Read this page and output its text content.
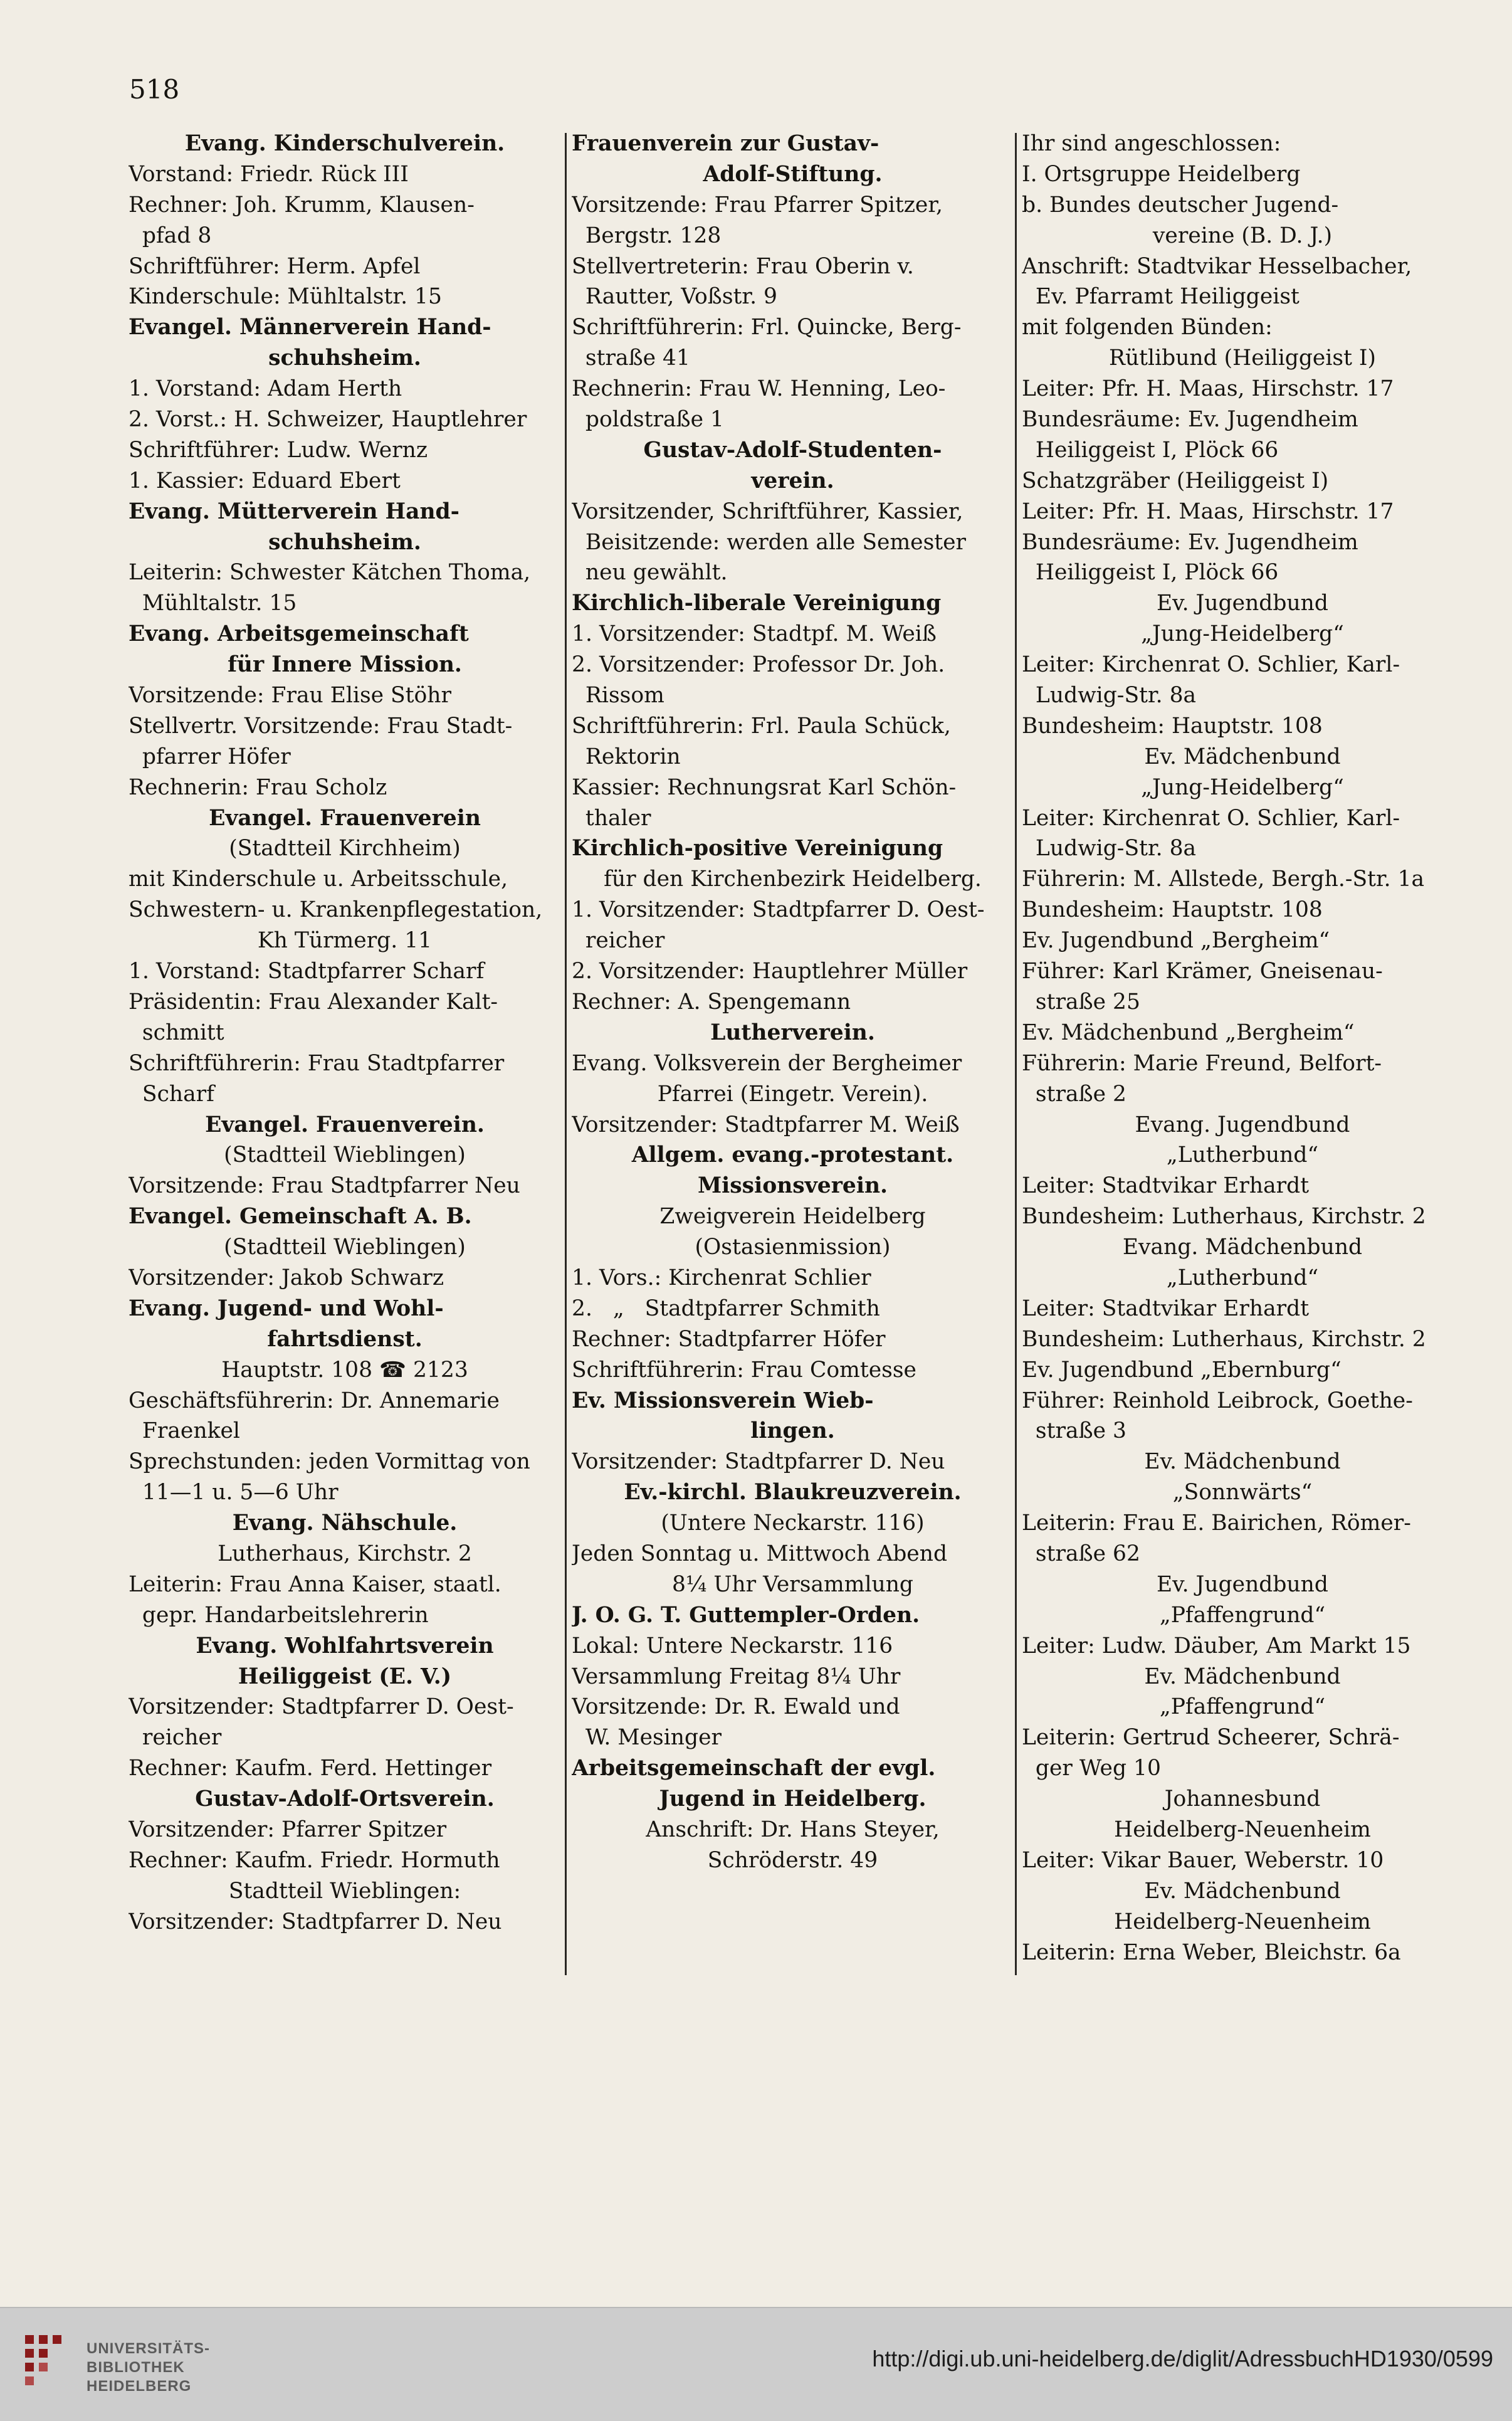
518
Evang. Kinderschulverein.
Vorstand: Friedr. Rück III
Rechner: Joh. Krumm, Klausen-
pfad 8
Schriftführer: Herm. Apfel
Kinderschule: Mühltalstr. 15
Evangel. Männerverein Hand-
schuhsheim.
1. Vorstand: Adam Herth
2. Vorst.: H. Schweizer, Hauptlehrer
Schriftführer: Ludw. Wernz
1. Kassier: Eduard Ebert
Evang. Mütterverein Hand-
schuhsheim.
Leiterin: Schwester Kätchen Thoma,
Mühltalstr. 15
Evang. Arbeitsgemeinschaft
für Innere Mission.
Vorsitzende: Frau Elise Stöhr
Stellvertr. Vorsitzende: Frau Stadt-
pfarrer Höfer
Rechnerin: Frau Scholz
Evangel. Frauenverein
(Stadtteil Kirchheim)
mit Kinderschule u. Arbeitsschule,
Schwestern- u. Krankenpflegestation,
Kh Türmerg. 11
1. Vorstand: Stadtpfarrer Scharf
Präsidentin: Frau Alexander Kalt-
schmitt
Schriftführerin: Frau Stadtpfarrer
Scharf
Evangel. Frauenverein.
(Stadtteil Wieblingen)
Vorsitzende: Frau Stadtpfarrer Neu
Evangel. Gemeinschaft A. B.
(Stadtteil Wieblingen)
Vorsitzender: Jakob Schwarz
Evang. Jugend- und Wohl-
fahrtsdienst.
Hauptstr. 108 ☎ 2123
Geschäftsführerin: Dr. Annemarie
Fraenkel
Sprechstunden: jeden Vormittag von
11—1 u. 5—6 Uhr
Evang. Nähschule.
Lutherhaus, Kirchstr. 2
Leiterin: Frau Anna Kaiser, staatl.
gepr. Handarbeitslehrerin
Evang. Wohlfahrtsverein
Heiliggeist (E. V.)
Vorsitzender: Stadtpfarrer D. Oest-
reicher
Rechner: Kaufm. Ferd. Hettinger
Gustav-Adolf-Ortsverein.
Vorsitzender: Pfarrer Spitzer
Rechner: Kaufm. Friedr. Hormuth
Stadtteil Wieblingen:
Vorsitzender: Stadtpfarrer D. Neu
Frauenverein zur Gustav-
Adolf-Stiftung.
Vorsitzende: Frau Pfarrer Spitzer,
Bergstr. 128
Stellvertreterin: Frau Oberin v.
Rautter, Voßstr. 9
Schriftführerin: Frl. Quincke, Berg-
straße 41
Rechnerin: Frau W. Henning, Leo-
poldstraße 1
Gustav-Adolf-Studenten-
verein.
Vorsitzender, Schriftführer, Kassier,
Beisitzende: werden alle Semester
neu gewählt.
Kirchlich-liberale Vereinigung
1. Vorsitzender: Stadtpf. M. Weiß
2. Vorsitzender: Professor Dr. Joh.
Rissom
Schriftführerin: Frl. Paula Schück,
Rektorin
Kassier: Rechnungsrat Karl Schön-
thaler
Kirchlich-positive Vereinigung
für den Kirchenbezirk Heidelberg.
1. Vorsitzender: Stadtpfarrer D. Oest-
reicher
2. Vorsitzender: Hauptlehrer Müller
Rechner: A. Spengemann
Lutherverein.
Evang. Volksverein der Bergheimer
Pfarrei (Eingetr. Verein).
Vorsitzender: Stadtpfarrer M. Weiß
Allgem. evang.-protestant.
Missionsverein.
Zweigverein Heidelberg
(Ostasienmission)
1. Vors.: Kirchenrat Schlier
2.   „   Stadtpfarrer Schmith
Rechner: Stadtpfarrer Höfer
Schriftführerin: Frau Comtesse
Ev. Missionsverein Wieb-
lingen.
Vorsitzender: Stadtpfarrer D. Neu
Ev.-kirchl. Blaukreuzverein.
(Untere Neckarstr. 116)
Jeden Sonntag u. Mittwoch Abend
8¼ Uhr Versammlung
J. O. G. T. Guttempler-Orden.
Lokal: Untere Neckarstr. 116
Versammlung Freitag 8¼ Uhr
Vorsitzende: Dr. R. Ewald und
W. Mesinger
Arbeitsgemeinschaft der evgl.
Jugend in Heidelberg.
Anschrift: Dr. Hans Steyer,
Schröderstr. 49
Ihr sind angeschlossen:
I. Ortsgruppe Heidelberg
b. Bundes deutscher Jugend-
vereine (B. D. J.)
Anschrift: Stadtvikar Hesselbacher,
Ev. Pfarramt Heiliggeist
mit folgenden Bünden:
Rütlibund (Heiliggeist I)
Leiter: Pfr. H. Maas, Hirschstr. 17
Bundesräume: Ev. Jugendheim
Heiliggeist I, Plöck 66
Schatzgräber (Heiliggeist I)
Leiter: Pfr. H. Maas, Hirschstr. 17
Bundesräume: Ev. Jugendheim
Heiliggeist I, Plöck 66
Ev. Jugendbund
„Jung-Heidelberg“
Leiter: Kirchenrat O. Schlier, Karl-
Ludwig-Str. 8a
Bundesheim: Hauptstr. 108
Ev. Mädchenbund
„Jung-Heidelberg“
Leiter: Kirchenrat O. Schlier, Karl-
Ludwig-Str. 8a
Führerin: M. Allstede, Bergh.-Str. 1a
Bundesheim: Hauptstr. 108
Ev. Jugendbund „Bergheim“
Führer: Karl Krämer, Gneisenau-
straße 25
Ev. Mädchenbund „Bergheim“
Führerin: Marie Freund, Belfort-
straße 2
Evang. Jugendbund
„Lutherbund“
Leiter: Stadtvikar Erhardt
Bundesheim: Lutherhaus, Kirchstr. 2
Evang. Mädchenbund
„Lutherbund“
Leiter: Stadtvikar Erhardt
Bundesheim: Lutherhaus, Kirchstr. 2
Ev. Jugendbund „Ebernburg“
Führer: Reinhold Leibrock, Goethe-
straße 3
Ev. Mädchenbund
„Sonnwärts“
Leiterin: Frau E. Bairichen, Römer-
straße 62
Ev. Jugendbund
„Pfaffengrund“
Leiter: Ludw. Däuber, Am Markt 15
Ev. Mädchenbund
„Pfaffengrund“
Leiterin: Gertrud Scheerer, Schrä-
ger Weg 10
Johannesbund
Heidelberg-Neuenheim
Leiter: Vikar Bauer, Weberstr. 10
Ev. Mädchenbund
Heidelberg-Neuenheim
Leiterin: Erna Weber, Bleichstr. 6a
UNIVERSITÄTS-
BIBLIOTHEK
HEIDELBERG
http://digi.ub.uni-heidelberg.de/diglit/AdressbuchHD1930/0599
